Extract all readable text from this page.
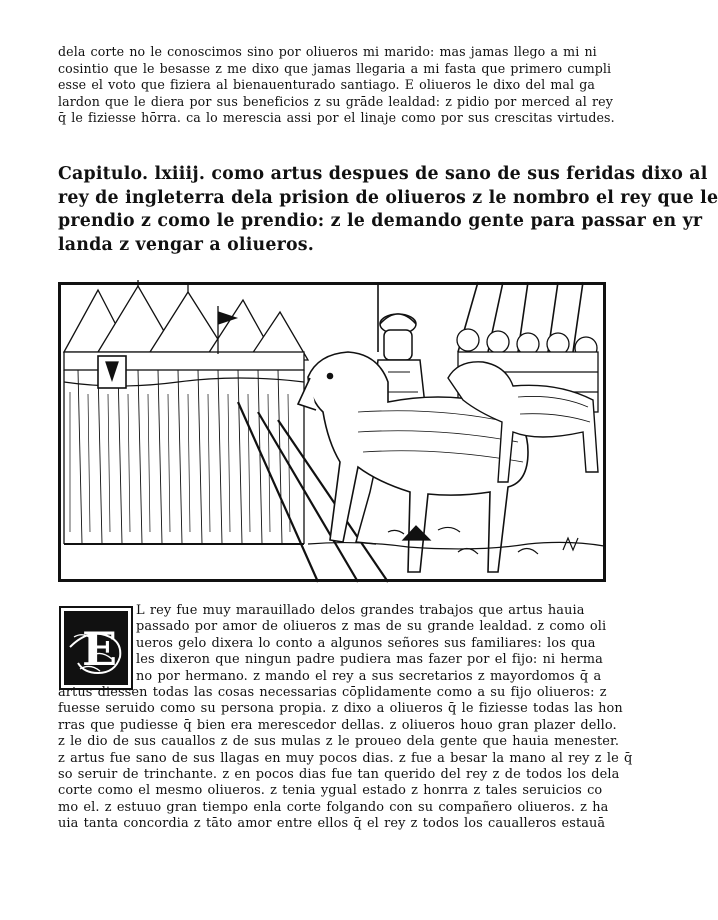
dela corte no le conoscimos sino por oliueros mi marido: mas jamas llego a mi ni
cosintio que le besasse z me dixo que jamas llegaria a mi fasta que primero cumpli
esse el voto que fiziera al bienauenturado santiago. E oliueros le dixo del mal ga
lardon que le diera por sus beneficios z su grāde lealdad: z pidio por merced al rey
q̄ le fiziesse hōrra. ca lo merescia assi por el linaje como por sus crescitas virtudes.
Capitulo. lxiiij. como artus despues de sano de sus feridas dixo al
rey de ingleterra dela prision de oliueros z le nombro el rey que le
prendio z como le prendio: z le demando gente para passar en yr
landa z vengar a oliueros.
E
L rey fue muy marauillado delos grandes trabajos que artus hauia
passado por amor de oliueros z mas de su grande lealdad. z como oli
ueros gelo dixera lo conto a algunos señores sus familiares: los qua
les dixeron que ningun padre pudiera mas fazer por el fijo: ni herma
no por hermano. z mando el rey a sus secretarios z mayordomos q̄ a
artus diessen todas las cosas necessarias cōplidamente como a su fijo oliueros: z
fuesse seruido como su persona propia. z dixo a oliueros q̄ le fiziesse todas las hon
rras que pudiesse q̄ bien era merescedor dellas. z oliueros houo gran plazer dello.
z le dio de sus cauallos z de sus mulas z le proueo dela gente que hauia menester.
z artus fue sano de sus llagas en muy pocos dias. z fue a besar la mano al rey z le q̄
so seruir de trinchante. z en pocos dias fue tan querido del rey z de todos los dela
corte como el mesmo oliueros. z tenia ygual estado z honrra z tales seruicios co
mo el. z estuuo gran tiempo enla corte folgando con su compañero oliueros. z ha
uia tanta concordia z tāto amor entre ellos q̄ el rey z todos los caualleros estauā
